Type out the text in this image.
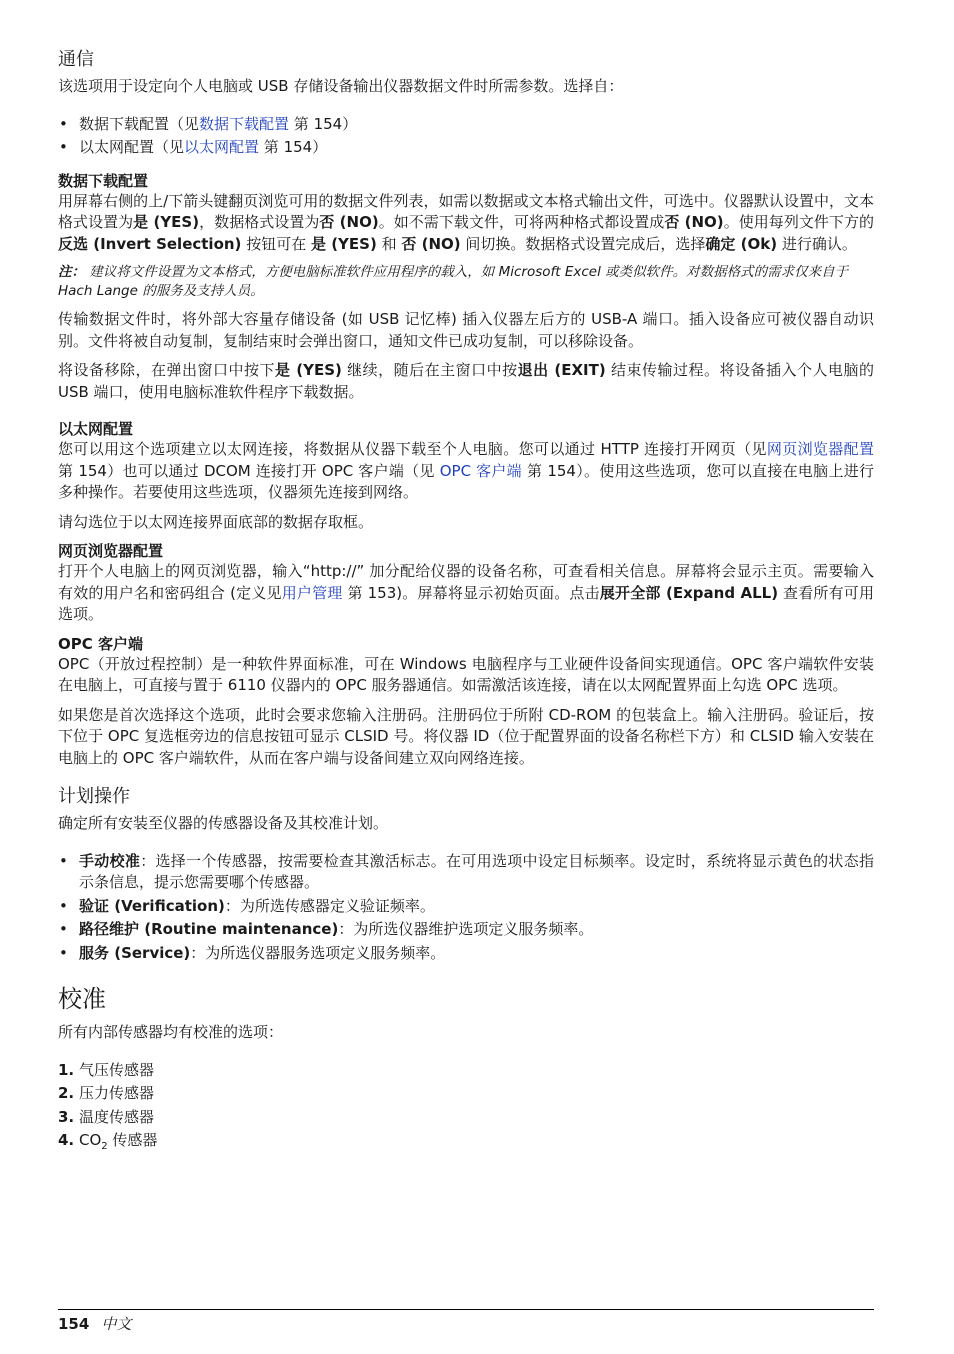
通信

该选项用于设定向个人电脑或 USB 存储设备输出仪器数据文件时所需参数。选择自：

• 数据下载配置（见数据下载配置 第 154）
• 以太网配置（见以太网配置 第 154）
数据下载配置

用屏幕右侧的上/下箭头键翻页浏览可用的数据文件列表，如需以数据或文本格式输出文件，可选中。仪器默认设置中，文本格式设置为是 (YES)，数据格式设置为否 (NO)。如不需下载文件，可将两种格式都设置成否 (NO)。使用每列文件下方的反选 (Invert Selection) 按钮可在 是 (YES) 和 否 (NO) 间切换。数据格式设置完成后，选择确定 (Ok) 进行确认。

注： 建议将文件设置为文本格式，方便电脑标准软件应用程序的载入，如 Microsoft Excel 或类似软件。对数据格式的需求仅来自于 Hach Lange 的服务及支持人员。

传输数据文件时，将外部大容量存储设备 (如 USB 记忆棒) 插入仪器左后方的 USB-A 端口。插入设备应可被仪器自动识别。文件将被自动复制，复制结束时会弹出窗口，通知文件已成功复制，可以移除设备。

将设备移除，在弹出窗口中按下是 (YES) 继续，随后在主窗口中按退出 (EXIT) 结束传输过程。将设备插入个人电脑的 USB 端口，使用电脑标准软件程序下载数据。

以太网配置

您可以用这个选项建立以太网连接，将数据从仪器下载至个人电脑。您可以通过 HTTP 连接打开网页（见网页浏览器配置 第 154）也可以通过 DCOM 连接打开 OPC 客户端（见 OPC 客户端 第 154）。使用这些选项，您可以直接在电脑上进行多种操作。若要使用这些选项，仪器须先连接到网络。

请勾选位于以太网连接界面底部的数据存取框。

网页浏览器配置

打开个人电脑上的网页浏览器，输入“http://” 加分配给仪器的设备名称，可查看相关信息。屏幕将会显示主页。需要输入有效的用户名和密码组合 (定义见用户管理 第 153)。屏幕将显示初始页面。点击展开全部 (Expand ALL) 查看所有可用选项。

OPC 客户端

OPC（开放过程控制）是一种软件界面标准，可在 Windows 电脑程序与工业硬件设备间实现通信。OPC 客户端软件安装在电脑上，可直接与置于 6110 仪器内的 OPC 服务器通信。如需激活该连接，请在以太网配置界面上勾选 OPC 选项。

如果您是首次选择这个选项，此时会要求您输入注册码。注册码位于所附 CD-ROM 的包装盒上。输入注册码。验证后，按下位于 OPC 复选框旁边的信息按钮可显示 CLSID 号。将仪器 ID（位于配置界面的设备名称栏下方）和 CLSID 输入安装在电脑上的 OPC 客户端软件，从而在客户端与设备间建立双向网络连接。

计划操作

确定所有安装至仪器的传感器设备及其校准计划。

• 手动校准：选择一个传感器，按需要检查其激活标志。在可用选项中设定目标频率。设定时，系统将显示黄色的状态指示条信息，提示您需要哪个传感器。
• 验证 (Verification)：为所选传感器定义验证频率。
• 路径维护 (Routine maintenance)：为所选仪器维护选项定义服务频率。
• 服务 (Service)：为所选仪器服务选项定义服务频率。
校准

所有内部传感器均有校准的选项：

1. 气压传感器
2. 压力传感器
3. 温度传感器
4. $CO_2$ 传感器
154 中文
